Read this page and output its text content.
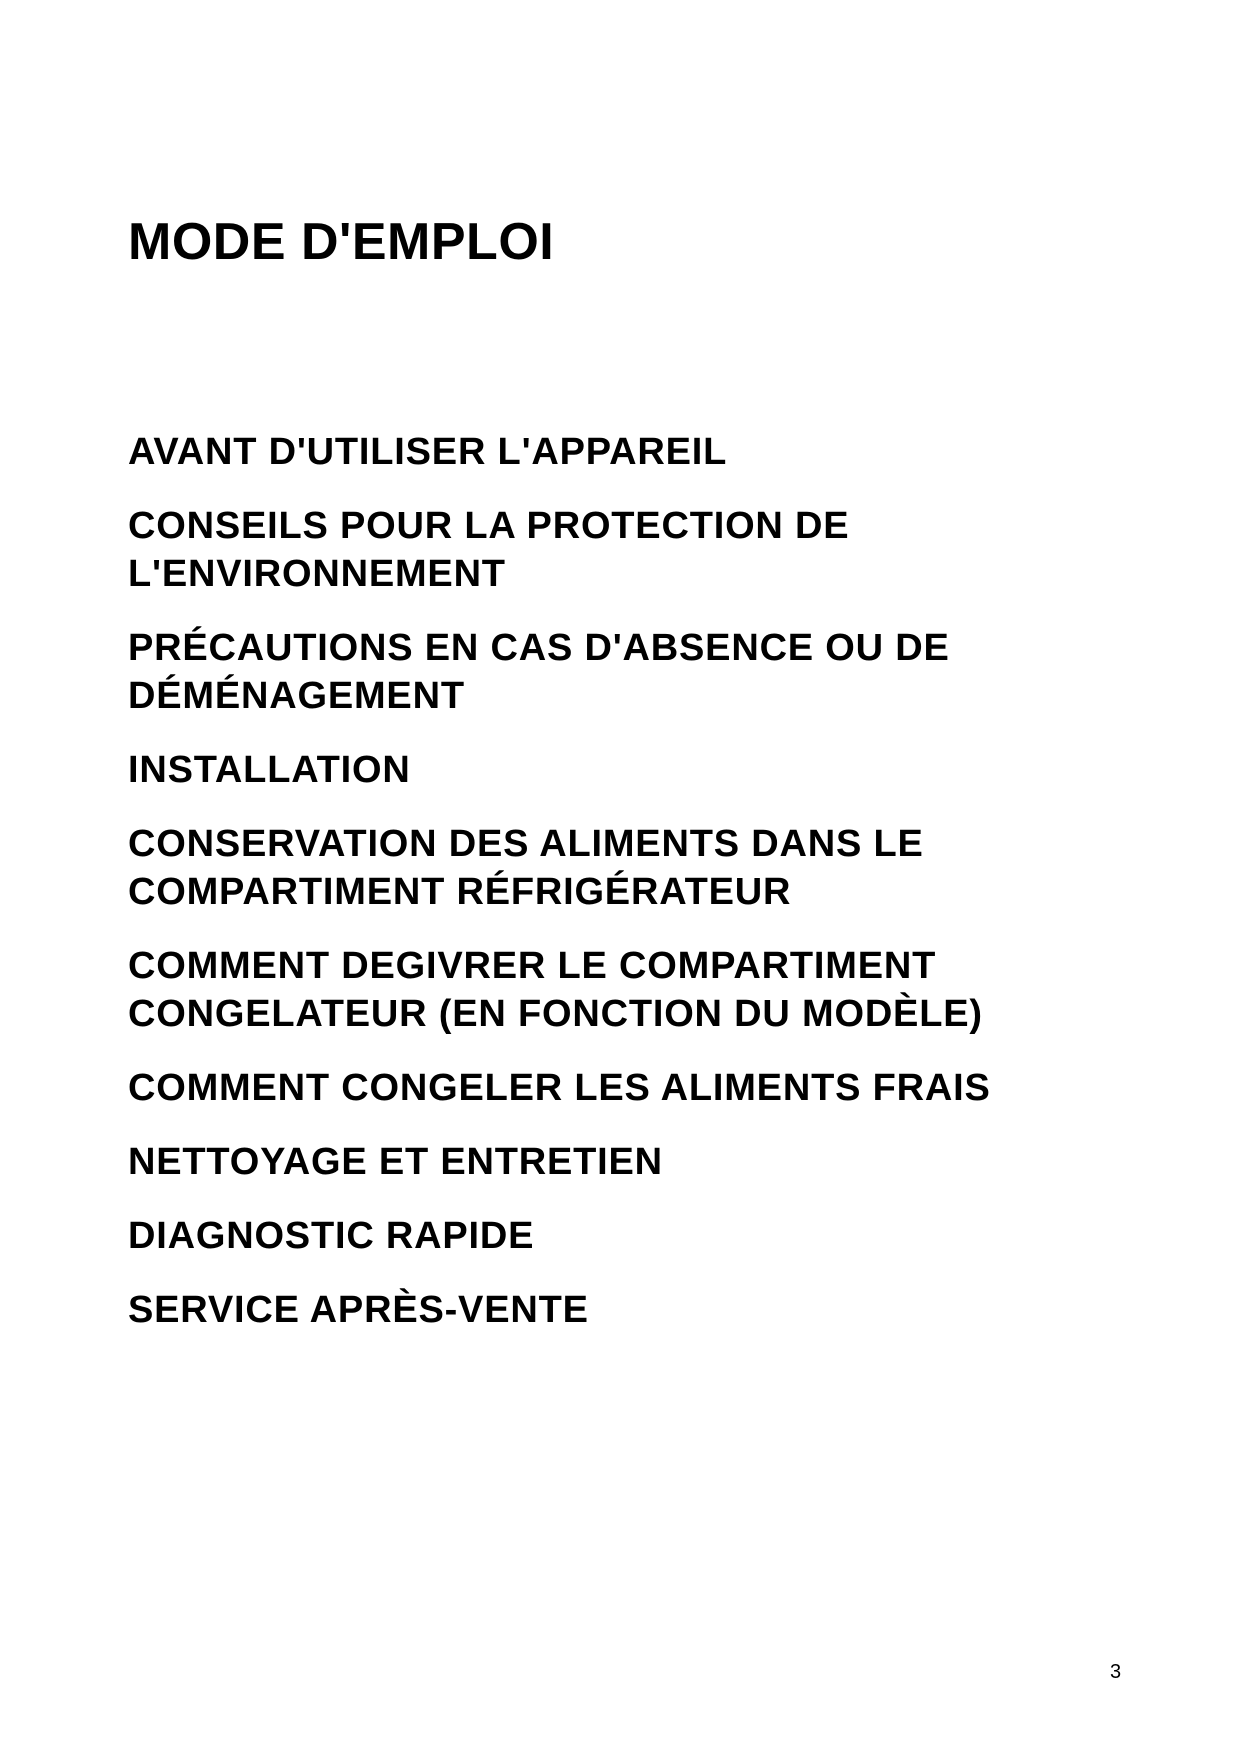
MODE D'EMPLOI
AVANT D'UTILISER L'APPAREIL
CONSEILS POUR LA PROTECTION DE L'ENVIRONNEMENT
PRÉCAUTIONS EN CAS D'ABSENCE OU DE DÉMÉNAGEMENT
INSTALLATION
CONSERVATION DES ALIMENTS DANS LE COMPARTIMENT RÉFRIGÉRATEUR
COMMENT DEGIVRER LE COMPARTIMENT CONGELATEUR (EN FONCTION DU MODÈLE)
COMMENT CONGELER LES ALIMENTS FRAIS
NETTOYAGE ET ENTRETIEN
DIAGNOSTIC RAPIDE
SERVICE APRÈS-VENTE
3
